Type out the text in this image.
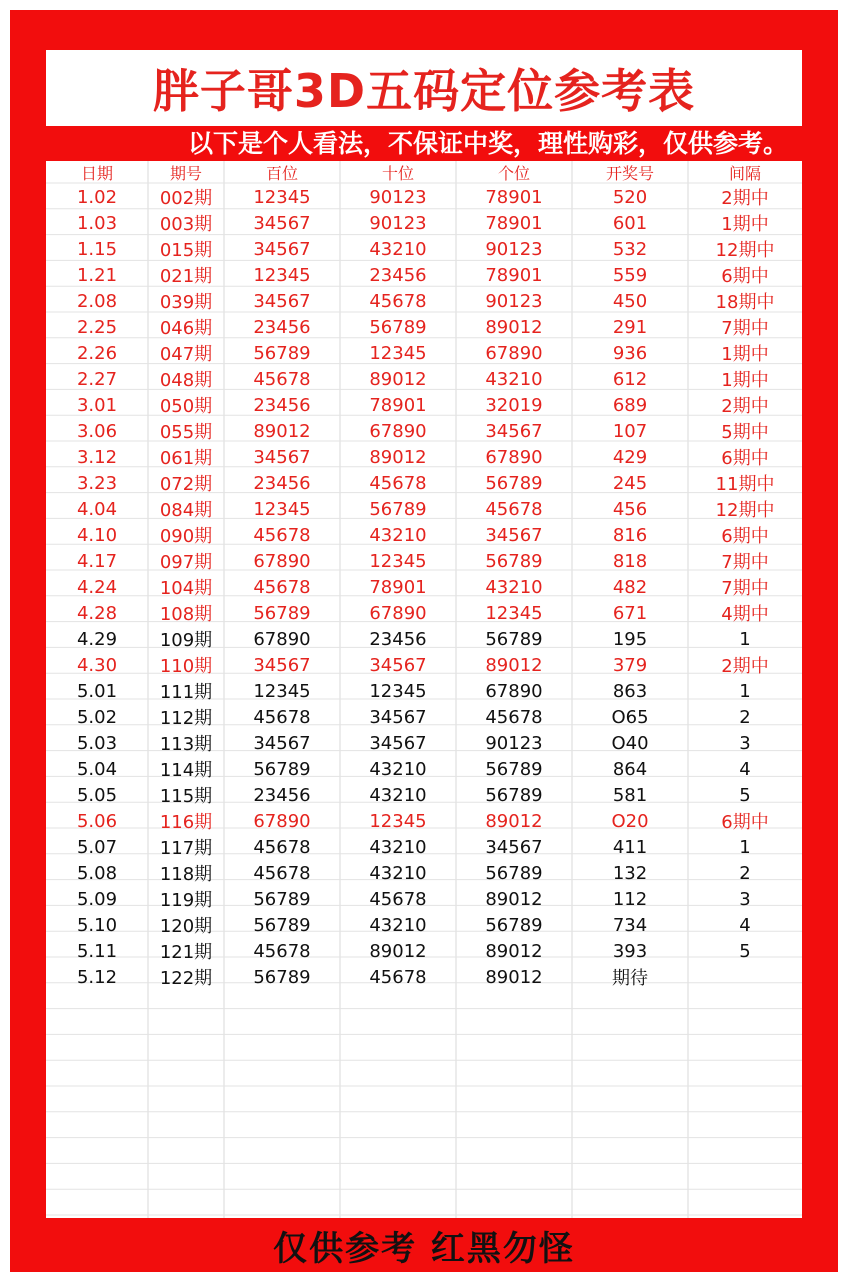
胖子哥3D五码定位参考表
以下是个人看法，不保证中奖，理性购彩，仅供参考。
日期	期号	百位	十位	个位	开奖号	间隔
1.02	002期	12345	90123	78901	520	2期中
1.03	003期	34567	90123	78901	601	1期中
1.15	015期	34567	43210	90123	532	12期中
1.21	021期	12345	23456	78901	559	6期中
2.08	039期	34567	45678	90123	450	18期中
2.25	046期	23456	56789	89012	291	7期中
2.26	047期	56789	12345	67890	936	1期中
2.27	048期	45678	89012	43210	612	1期中
3.01	050期	23456	78901	32019	689	2期中
3.06	055期	89012	67890	34567	107	5期中
3.12	061期	34567	89012	67890	429	6期中
3.23	072期	23456	45678	56789	245	11期中
4.04	084期	12345	56789	45678	456	12期中
4.10	090期	45678	43210	34567	816	6期中
4.17	097期	67890	12345	56789	818	7期中
4.24	104期	45678	78901	43210	482	7期中
4.28	108期	56789	67890	12345	671	4期中
4.29	109期	67890	23456	56789	195	1
4.30	110期	34567	34567	89012	379	2期中
5.01	111期	12345	12345	67890	863	1
5.02	112期	45678	34567	45678	O65	2
5.03	113期	34567	34567	90123	O40	3
5.04	114期	56789	43210	56789	864	4
5.05	115期	23456	43210	56789	581	5
5.06	116期	67890	12345	89012	O20	6期中
5.07	117期	45678	43210	34567	411	1
5.08	118期	45678	43210	56789	132	2
5.09	119期	56789	45678	89012	112	3
5.10	120期	56789	43210	56789	734	4
5.11	121期	45678	89012	89012	393	5
5.12	122期	56789	45678	89012	期待	
仅供参考 红黑勿怪
